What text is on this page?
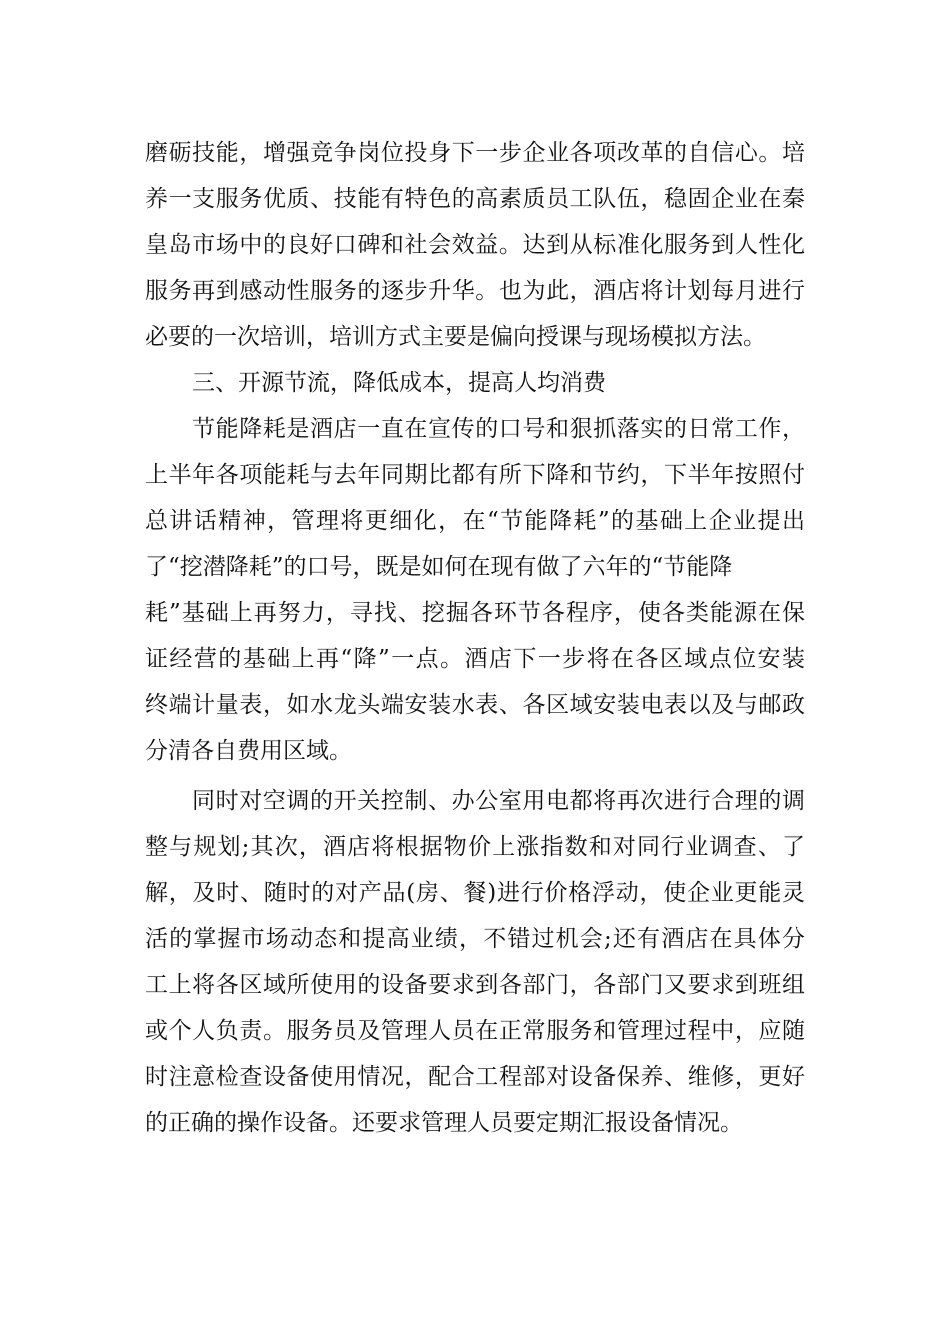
磨砺技能，增强竞争岗位投身下一步企业各项改革的自信心。培
养一支服务优质、技能有特色的高素质员工队伍，稳固企业在秦
皇岛市场中的良好口碑和社会效益。达到从标准化服务到人性化
服务再到感动性服务的逐步升华。也为此，酒店将计划每月进行
必要的一次培训，培训方式主要是偏向授课与现场模拟方法。
三、开源节流，降低成本，提高人均消费
节能降耗是酒店一直在宣传的口号和狠抓落实的日常工作，
上半年各项能耗与去年同期比都有所下降和节约，下半年按照付
总讲话精神，管理将更细化，在“节能降耗”的基础上企业提出
了“挖潜降耗”的口号，既是如何在现有做了六年的“节能降
耗”基础上再努力，寻找、挖掘各环节各程序，使各类能源在保
证经营的基础上再“降”一点。酒店下一步将在各区域点位安装
终端计量表，如水龙头端安装水表、各区域安装电表以及与邮政
分清各自费用区域。
同时对空调的开关控制、办公室用电都将再次进行合理的调
整与规划;其次，酒店将根据物价上涨指数和对同行业调查、了
解，及时、随时的对产品(房、餐)进行价格浮动，使企业更能灵
活的掌握市场动态和提高业绩，不错过机会;还有酒店在具体分
工上将各区域所使用的设备要求到各部门，各部门又要求到班组
或个人负责。服务员及管理人员在正常服务和管理过程中，应随
时注意检查设备使用情况，配合工程部对设备保养、维修，更好
的正确的操作设备。还要求管理人员要定期汇报设备情况。
